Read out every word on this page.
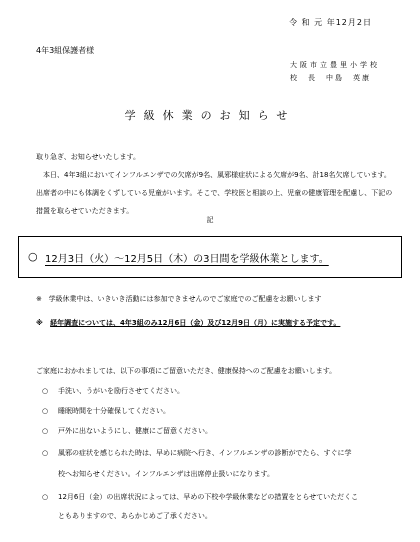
令 和 元 年12月2日
4年3組保護者様
大阪市立豊里小学校
校　長　中島　英康
学級休業のお知らせ
取り急ぎ、お知らせいたします。
本日、4年3組においてインフルエンザでの欠席が9名、風邪様症状による欠席が9名、計18名欠席しています。出席者の中にも体調をくずしている児童がいます。そこで、学校医と相談の上、児童の健康管理を配慮し、下記の措置を取らせていただきます。
記
○ 12月3日（火）～12月5日（木）の3日間を学級休業とします。
※ 学級休業中は、いきいき活動には参加できませんのでご家庭でのご配慮をお願いします
※ 経年調査については、4年3組のみ12月6日（金）及び12月9日（月）に実施する予定です。
ご家庭におかれましては、以下の事項にご留意いただき、健康保持へのご配慮をお願いします。
○ 手洗い、うがいを励行させてください。
○ 睡眠時間を十分確保してください。
○ 戸外に出ないようにし、健康にご留意ください。
○ 風邪の症状を感じられた時は、早めに病院へ行き、インフルエンザの診断がでたら、すぐに学
校へお知らせください。インフルエンザは出席停止扱いになります。
○ 12月6日（金）の出席状況によっては、早めの下校や学級休業などの措置をとらせていただくこ
ともありますので、あらかじめご了承ください。
